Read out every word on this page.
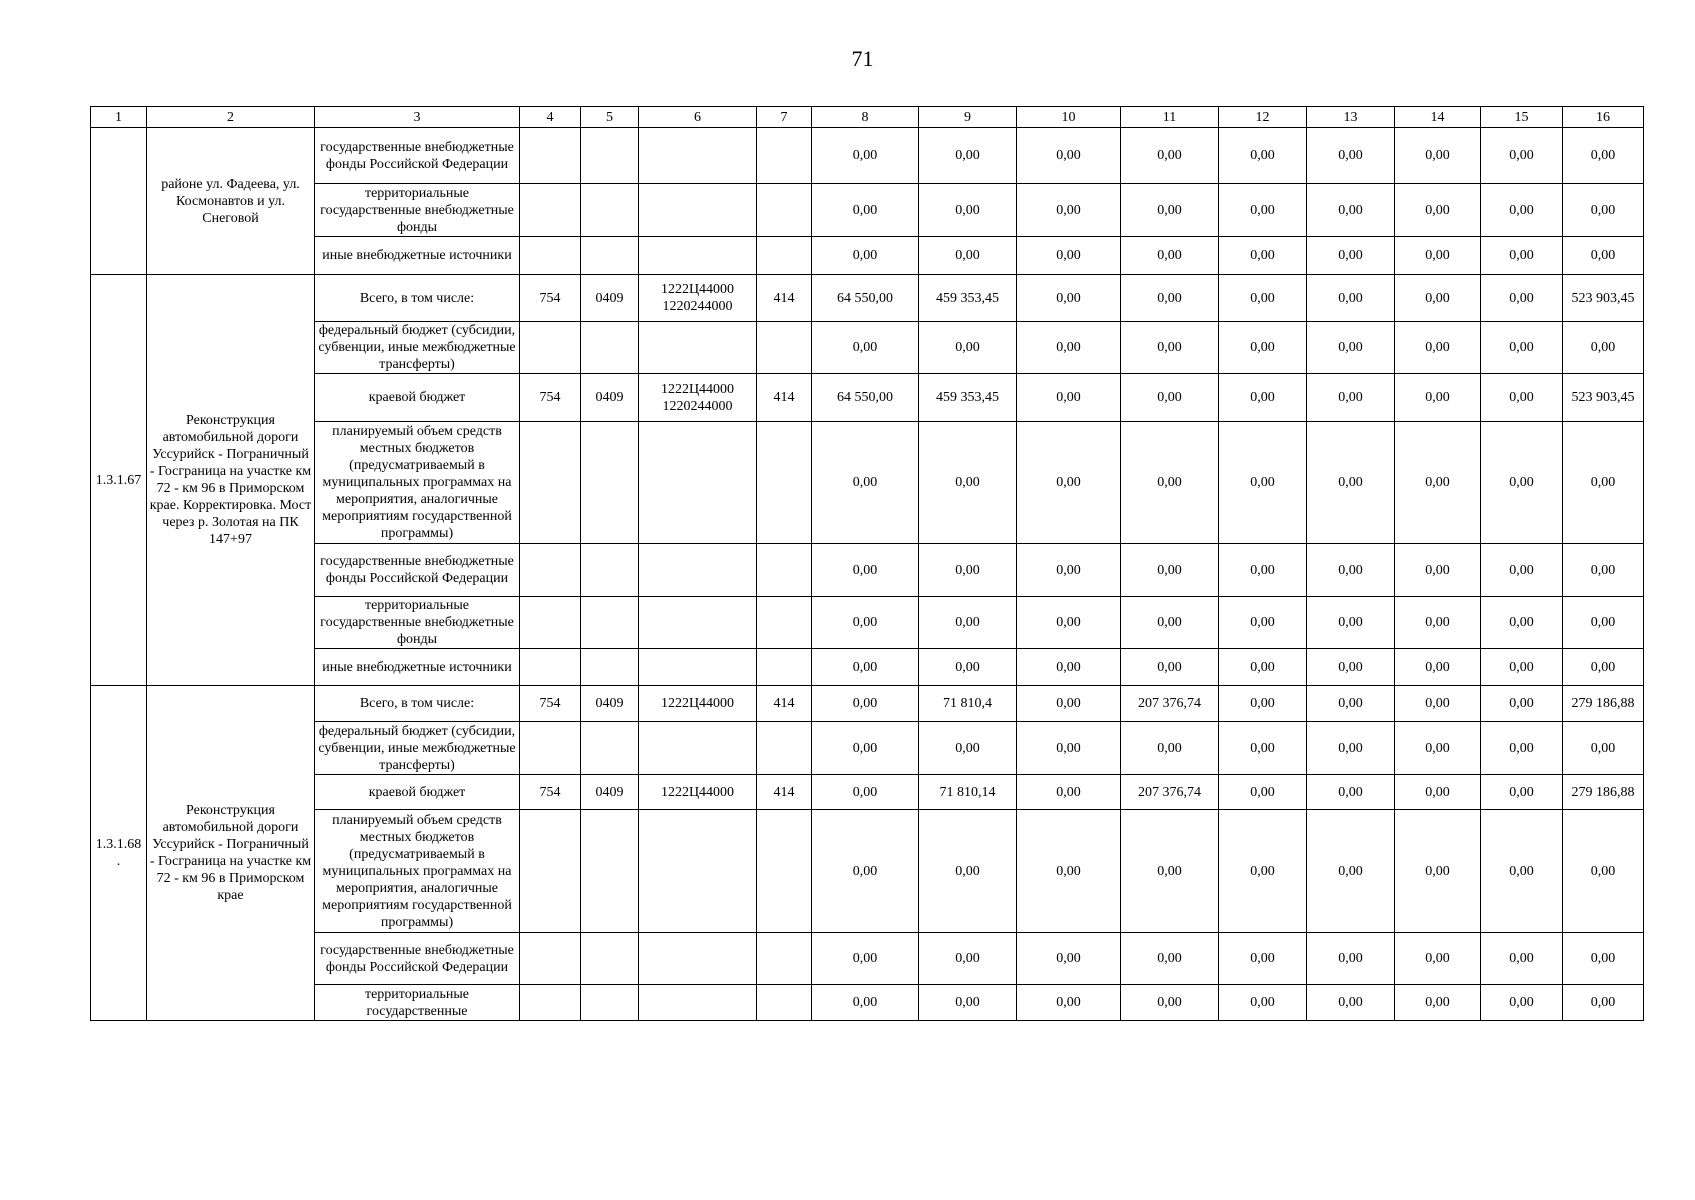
71
1	2	3	4	5	6	7	8	9	10	11	12	13	14	15	16
	районе ул. Фадеева, ул. Космонавтов и ул. Снеговой	государственные внебюджетные фонды Российской Федерации					0,00	0,00	0,00	0,00	0,00	0,00	0,00	0,00	0,00
		территориальные государственные внебюджетные фонды					0,00	0,00	0,00	0,00	0,00	0,00	0,00	0,00	0,00
		иные внебюджетные источники					0,00	0,00	0,00	0,00	0,00	0,00	0,00	0,00	0,00
1.3.1.67	Реконструкция автомобильной дороги Уссурийск - Пограничный - Госграница на участке км 72 - км 96 в Приморском крае. Корректировка. Мост через р. Золотая на ПК 147+97	Всего, в том числе:	754	0409	1222Ц44000 1220244000	414	64 550,00	459 353,45	0,00	0,00	0,00	0,00	0,00	0,00	523 903,45
		федеральный бюджет (субсидии, субвенции, иные межбюджетные трансферты)					0,00	0,00	0,00	0,00	0,00	0,00	0,00	0,00	0,00
		краевой бюджет	754	0409	1222Ц44000 1220244000	414	64 550,00	459 353,45	0,00	0,00	0,00	0,00	0,00	0,00	523 903,45
		планируемый объем средств местных бюджетов (предусматриваемый в муниципальных программах на мероприятия, аналогичные мероприятиям государственной программы)					0,00	0,00	0,00	0,00	0,00	0,00	0,00	0,00	0,00
		государственные внебюджетные фонды Российской Федерации					0,00	0,00	0,00	0,00	0,00	0,00	0,00	0,00	0,00
		территориальные государственные внебюджетные фонды					0,00	0,00	0,00	0,00	0,00	0,00	0,00	0,00	0,00
		иные внебюджетные источники					0,00	0,00	0,00	0,00	0,00	0,00	0,00	0,00	0,00
1.3.1.68 .	Реконструкция автомобильной дороги Уссурийск - Пограничный - Госграница на участке км 72 - км 96 в Приморском крае	Всего, в том числе:	754	0409	1222Ц44000	414	0,00	71 810,4	0,00	207 376,74	0,00	0,00	0,00	0,00	279 186,88
		федеральный бюджет (субсидии, субвенции, иные межбюджетные трансферты)					0,00	0,00	0,00	0,00	0,00	0,00	0,00	0,00	0,00
		краевой бюджет	754	0409	1222Ц44000	414	0,00	71 810,14	0,00	207 376,74	0,00	0,00	0,00	0,00	279 186,88
		планируемый объем средств местных бюджетов (предусматриваемый в муниципальных программах на мероприятия, аналогичные мероприятиям государственной программы)					0,00	0,00	0,00	0,00	0,00	0,00	0,00	0,00	0,00
		государственные внебюджетные фонды Российской Федерации					0,00	0,00	0,00	0,00	0,00	0,00	0,00	0,00	0,00
		территориальные государственные					0,00	0,00	0,00	0,00	0,00	0,00	0,00	0,00	0,00
